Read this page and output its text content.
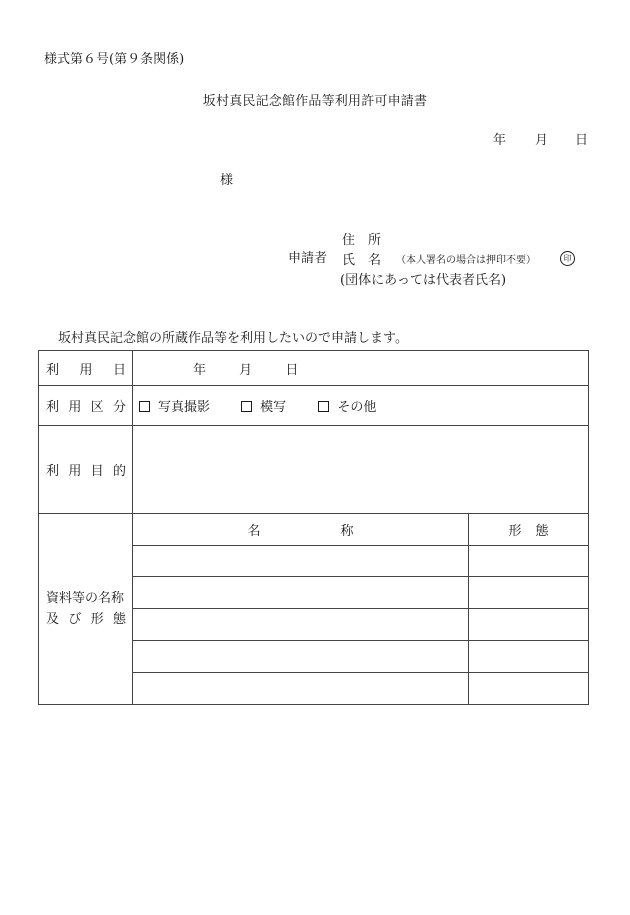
様式第６号(第９条関係)
坂村真民記念館作品等利用許可申請書
年 月 日
様
住　所
申請者 氏　名 （本人署名の場合は押印不要）	印
(団体にあっては代表者氏名)
坂村真民記念館の所蔵作品等を利用したいので申請します。
利 用 日	年 月 日	

利 用 区 分	写真撮影 模写 その他	

利 用 目 的		

資料等の名称
及 び 形 態	名 称	形 態
